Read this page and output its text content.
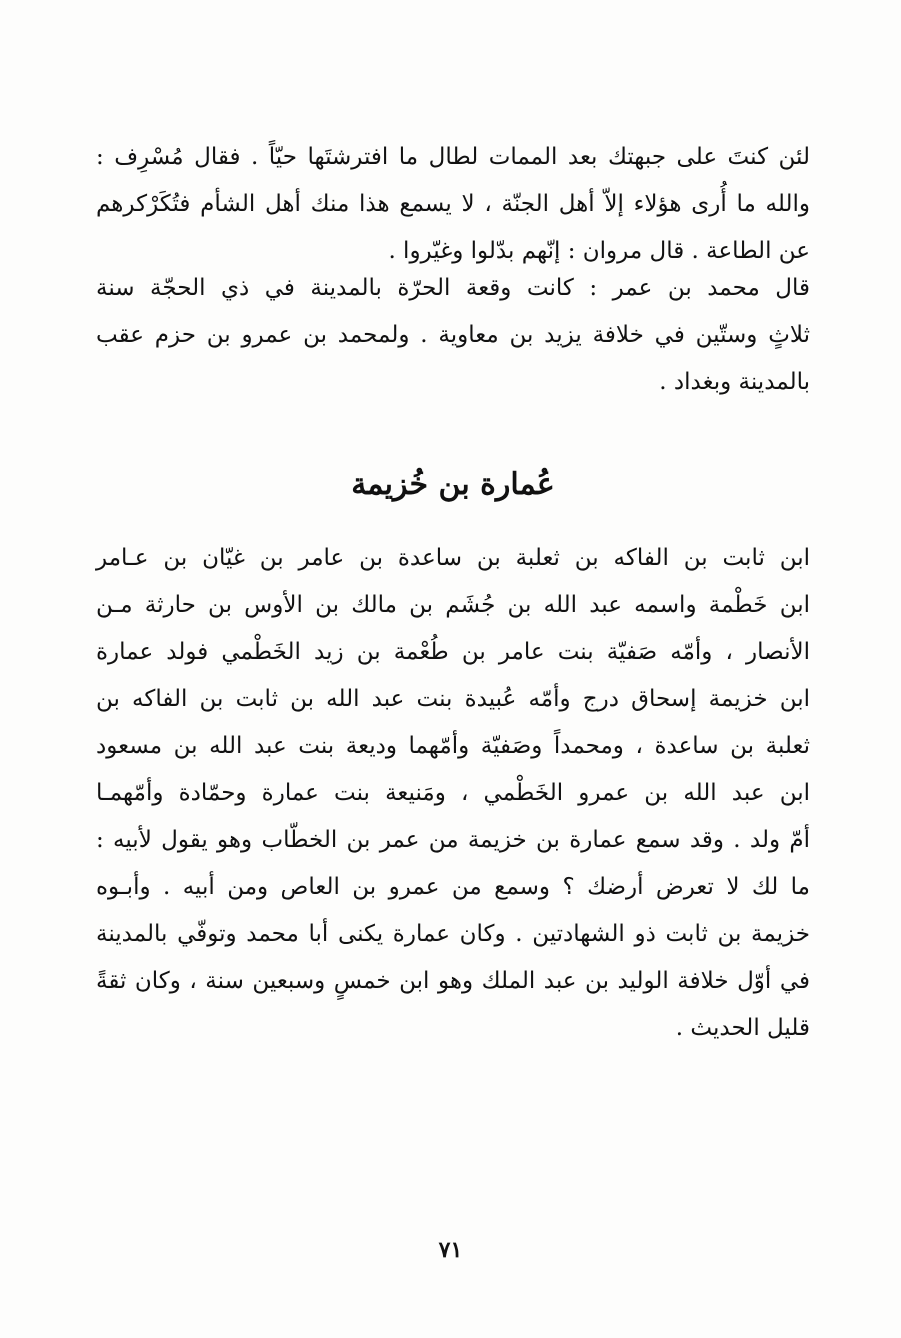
لئن كنتَ على جبهتك بعد الممات لطال ما افترشتَها حيّاً . فقال مُسْرِف :
والله ما أُرى هؤلاء إلاّ أهل الجنّة ، لا يسمع هذا منك أهل الشأم فتُكَرْكرهم
عن الطاعة . قال مروان : إنّهم بدّلوا وغيّروا .
قال محمد بن عمر : كانت وقعة الحرّة بالمدينة في ذي الحجّة سنة
ثلاثٍ وستّين في خلافة يزيد بن معاوية . ولمحمد بن عمرو بن حزم عقب
بالمدينة وبغداد .
عُمارة بن خُزيمة
ابن ثابت بن الفاكه بن ثعلبة بن ساعدة بن عامر بن غيّان بن عـامر
ابن خَطْمة واسمه عبد الله بن جُشَم بن مالك بن الأوس بن حارثة مـن
الأنصار ، وأمّه صَفيّة بنت عامر بن طُعْمة بن زيد الخَطْمي فولد عمارة
ابن خزيمة إسحاق درج وأمّه عُبيدة بنت عبد الله بن ثابت بن الفاكه بن
ثعلبة بن ساعدة ، ومحمداً وصَفيّة وأمّهما وديعة بنت عبد الله بن مسعود
ابن عبد الله بن عمرو الخَطْمي ، ومَنيعة بنت عمارة وحمّادة وأمّهمـا
أمّ ولد . وقد سمع عمارة بن خزيمة من عمر بن الخطّاب وهو يقول لأبيه :
ما لك لا تعرض أرضك ؟ وسمع من عمرو بن العاص ومن أبيه . وأبـوه
خزيمة بن ثابت ذو الشهادتين . وكان عمارة يكنى أبا محمد وتوفّي بالمدينة
في أوّل خلافة الوليد بن عبد الملك وهو ابن خمسٍ وسبعين سنة ، وكان ثقةً
قليل الحديث .
٧١
